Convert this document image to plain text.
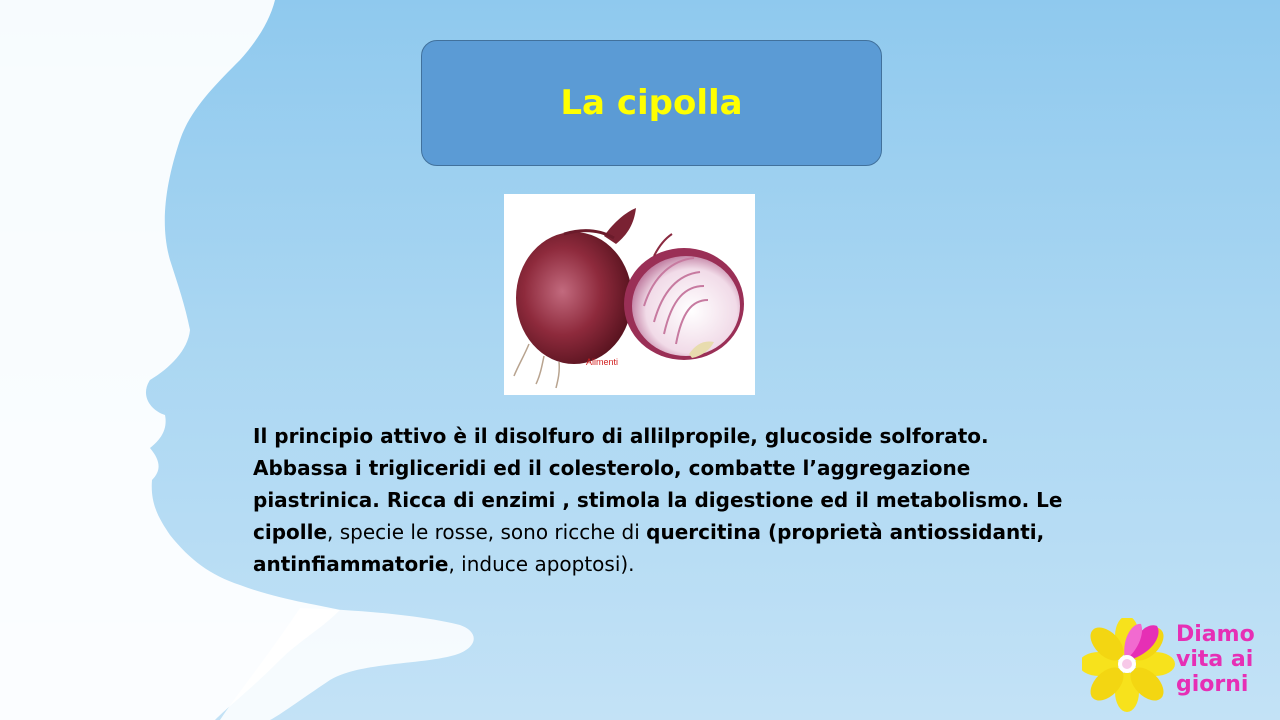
La cipolla
Alimenti
Il principio attivo è il disolfuro di allilpropile, glucoside solforato. Abbassa i trigliceridi ed il colesterolo, combatte l’aggregazione piastrinica. Ricca di enzimi , stimola la digestione ed il metabolismo. Le cipolle, specie le rosse, sono ricche di quercitina (proprietà antiossidanti, antinfiammatorie, induce apoptosi).
Diamo
vita ai
giorni
